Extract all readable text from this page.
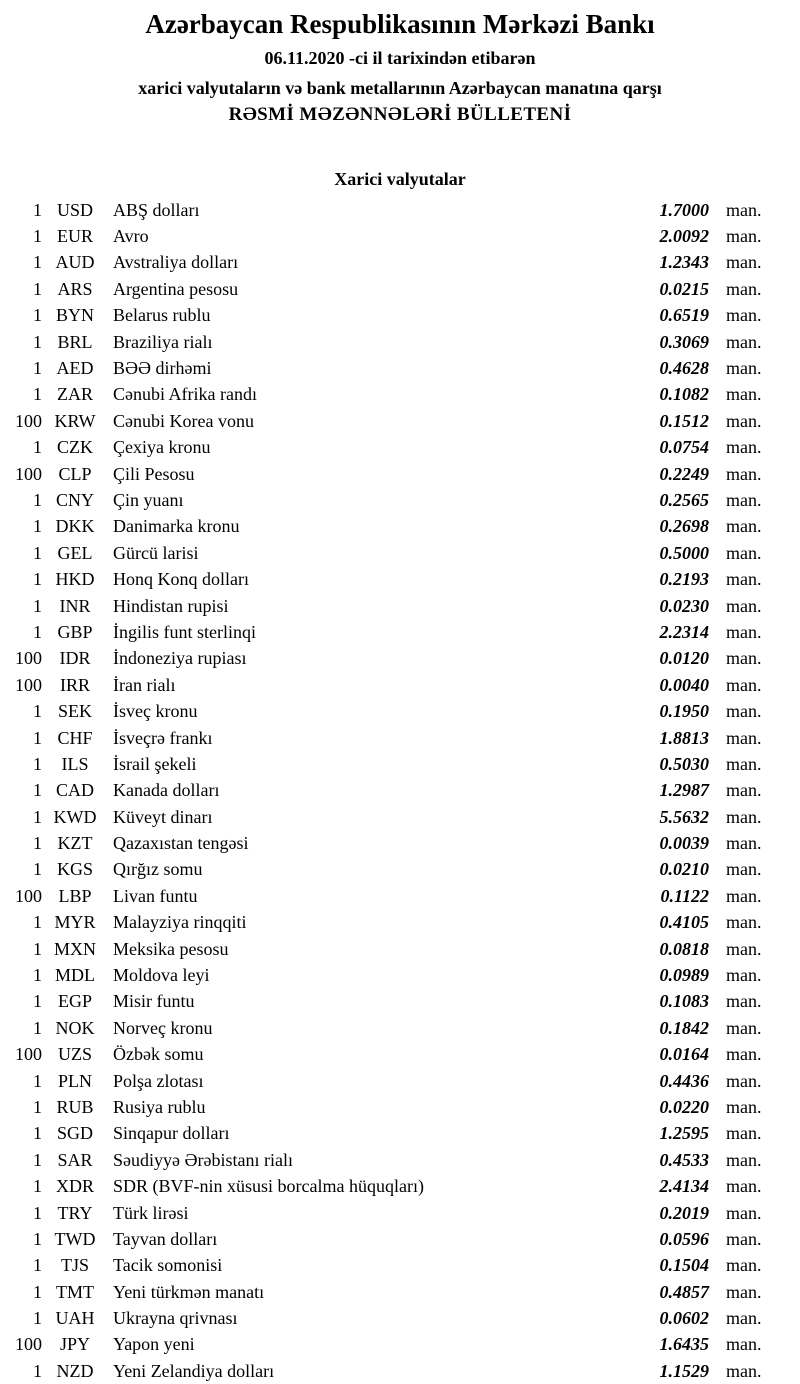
Azərbaycan Respublikasının Mərkəzi Bankı
06.11.2020 -ci il tarixindən etibarən
xarici valyutaların və bank metallarının Azərbaycan manatına qarşı
RƏSMİ MƏZƏNNƏLƏRİ BÜLLETENİ
Xarici valyutalar
1 USD	ABŞ dolları	1.7000 man.
1 EUR	Avro	2.0092 man.
1 AUD	Avstraliya dolları	1.2343 man.
1 ARS	Argentina pesosu	0.0215 man.
1 BYN	Belarus rublu	0.6519 man.
1 BRL	Braziliya rialı	0.3069 man.
1 AED	BƏƏ dirhəmi	0.4628 man.
1 ZAR	Cənubi Afrika randı	0.1082 man.
100 KRW Cənubi Korea vonu	0.1512 man.
1 CZK	Çexiya kronu	0.0754 man.
100 CLP	Çili Pesosu	0.2249 man.
1 CNY	Çin yuanı	0.2565 man.
1 DKK	Danimarka kronu	0.2698 man.
1 GEL	Gürcü larisi	0.5000 man.
1 HKD	Honq Konq dolları	0.2193 man.
1 INR	Hindistan rupisi	0.0230 man.
1 GBP	İngilis funt sterlinqi	2.2314 man.
100 IDR	İndoneziya rupiası	0.0120 man.
100 IRR	İran rialı	0.0040 man.
1 SEK	İsveç kronu	0.1950 man.
1 CHF	İsveçrə frankı	1.8813 man.
1	ILS	İsrail şekeli	0.5030 man.
1 CAD	Kanada dolları	1.2987 man.
1 KWD Küveyt dinarı	5.5632 man.
1 KZT	Qazaxıstan tengəsi	0.0039 man.
1 KGS	Qırğız somu	0.0210 man.
100 LBP	Livan funtu	0.1122 man.
1 MYR Malayziya rinqqiti	0.4105 man.
1 MXN Meksika pesosu	0.0818 man.
1 MDL	Moldova leyi	0.0989 man.
1 EGP	Misir funtu	0.1083 man.
1 NOK	Norveç kronu	0.1842 man.
100 UZS	Özbək somu	0.0164 man.
1 PLN	Polşa zlotası	0.4436 man.
1 RUB	Rusiya rublu	0.0220 man.
1 SGD	Sinqapur dolları	1.2595 man.
1 SAR	Səudiyyə Ərəbistanı rialı	0.4533 man.
1 XDR	SDR (BVF-nin xüsusi borcalma hüquqları)	2.4134 man.
1 TRY	Türk lirəsi	0.2019 man.
1 TWD Tayvan dolları	0.0596 man.
1	TJS	Tacik somonisi	0.1504 man.
1 TMT	Yeni türkmən manatı	0.4857 man.
1 UAH	Ukrayna qrivnası	0.0602 man.
100 JPY	Yapon yeni	1.6435 man.
1 NZD	Yeni Zelandiya dolları	1.1529 man.
